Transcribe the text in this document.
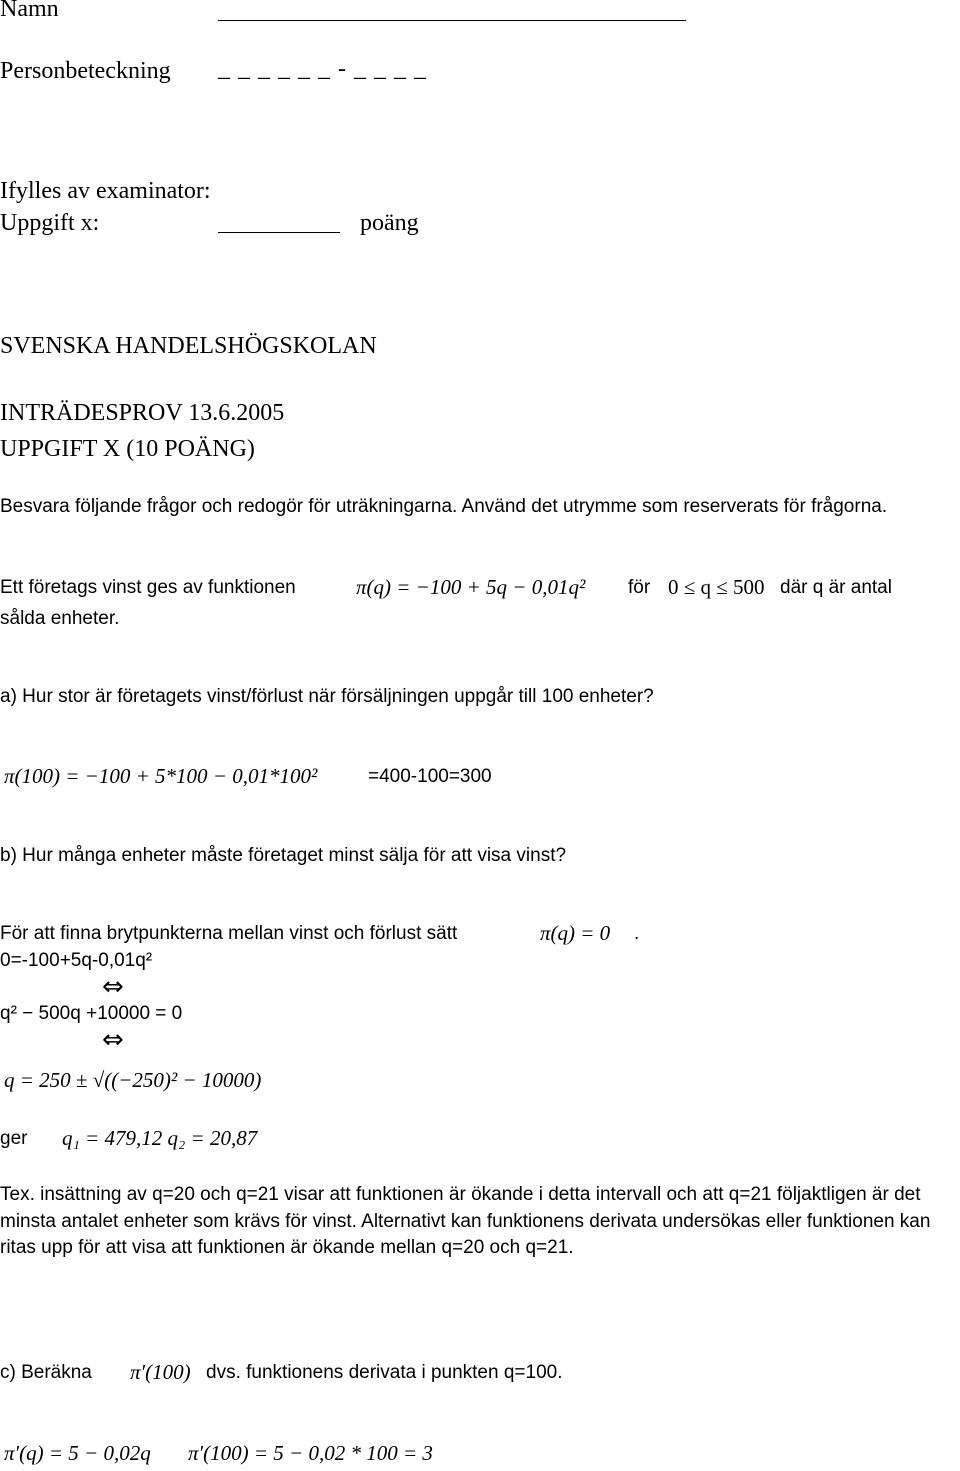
Namn
Personbeteckning _ _ _ _ _ _ - _ _ _ _
Ifylles av examinator:
Uppgift x:	poäng
SVENSKA HANDELSHÖGSKOLAN
INTRÄDESPROV 13.6.2005
UPPGIFT X (10 POÄNG)
Besvara följande frågor och redogör för uträkningarna. Använd det utrymme som reserverats för frågorna.
Ett företags vinst ges av funktionen	π(q) = −100 + 5q − 0,01q² för 0 ≤ q ≤ 500 där q är antal
sålda enheter.
a) Hur stor är företagets vinst/förlust när försäljningen uppgår till 100 enheter?
π(100) = −100 + 5*100 − 0,01*100²	=400-100=300
b) Hur många enheter måste företaget minst sälja för att visa vinst?
För att finna brytpunkterna mellan vinst och förlust sätt	π(q) = 0 .
0=-100+5q-0,01q²
⇔
q² − 500q +10000 = 0
⇔
q = 250 ± √((−250)² − 10000)
ger q₁ = 479,12 q₂ = 20,87
Tex. insättning av q=20 och q=21 visar att funktionen är ökande i detta intervall och att q=21 följaktligen är det minsta antalet enheter som krävs för vinst. Alternativt kan funktionens derivata undersökas eller funktionen kan ritas upp för att visa att funktionen är ökande mellan q=20 och q=21.
c) Beräkna π′(100) dvs. funktionens derivata i punkten q=100.
π′(q) = 5 − 0,02q π′(100) = 5 − 0,02 * 100 = 3
